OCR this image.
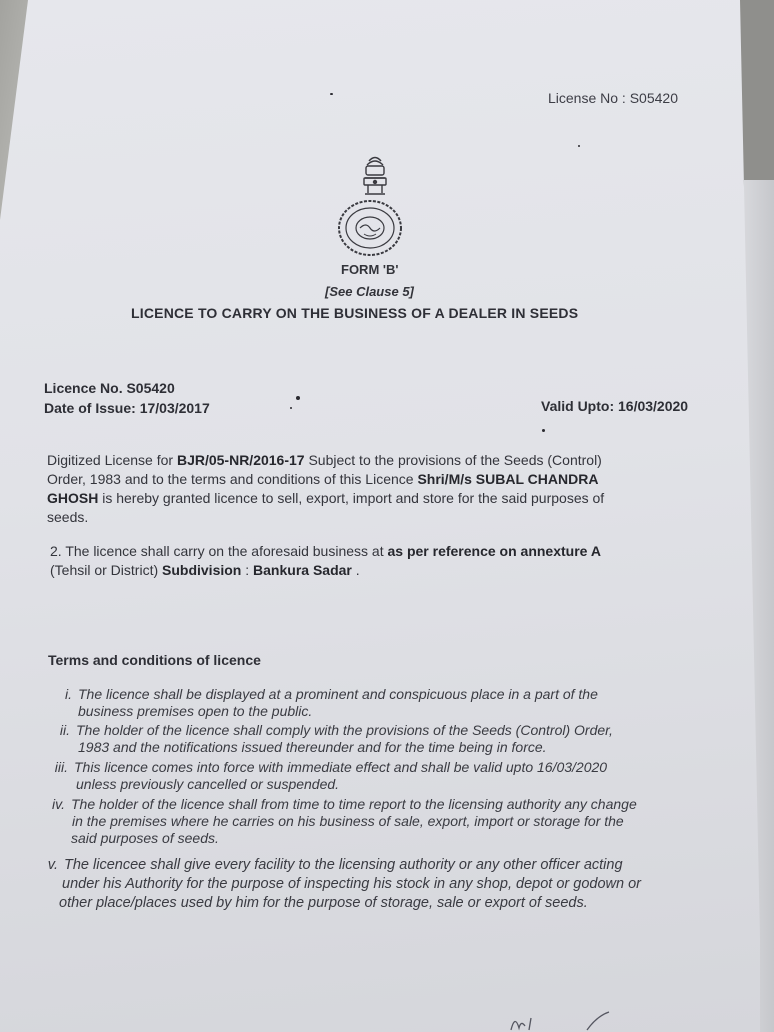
License No : S05420
FORM 'B'
[See Clause 5]
LICENCE TO CARRY ON THE BUSINESS OF A DEALER IN SEEDS
Licence No. S05420
Date of Issue: 17/03/2017	Valid Upto: 16/03/2020
Digitized License for BJR/05-NR/2016-17 Subject to the provisions of the Seeds (Control)
Order, 1983 and to the terms and conditions of this Licence Shri/M/s SUBAL CHANDRA
GHOSH is hereby granted licence to sell, export, import and store for the said purposes of
seeds.
2. The licence shall carry on the aforesaid business at as per reference on annexture A
(Tehsil or District) Subdivision : Bankura Sadar .
Terms and conditions of licence
i. The licence shall be displayed at a prominent and conspicuous place in a part of the
business premises open to the public.
ii. The holder of the licence shall comply with the provisions of the Seeds (Control) Order,
1983 and the notifications issued thereunder and for the time being in force.
iii. This licence comes into force with immediate effect and shall be valid upto 16/03/2020
unless previously cancelled or suspended.
iv. The holder of the licence shall from time to time report to the licensing authority any change
in the premises where he carries on his business of sale, export, import or storage for the
said purposes of seeds.
v. The licencee shall give every facility to the licensing authority or any other officer acting
under his Authority for the purpose of inspecting his stock in any shop, depot or godown or
other place/places used by him for the purpose of storage, sale or export of seeds.
